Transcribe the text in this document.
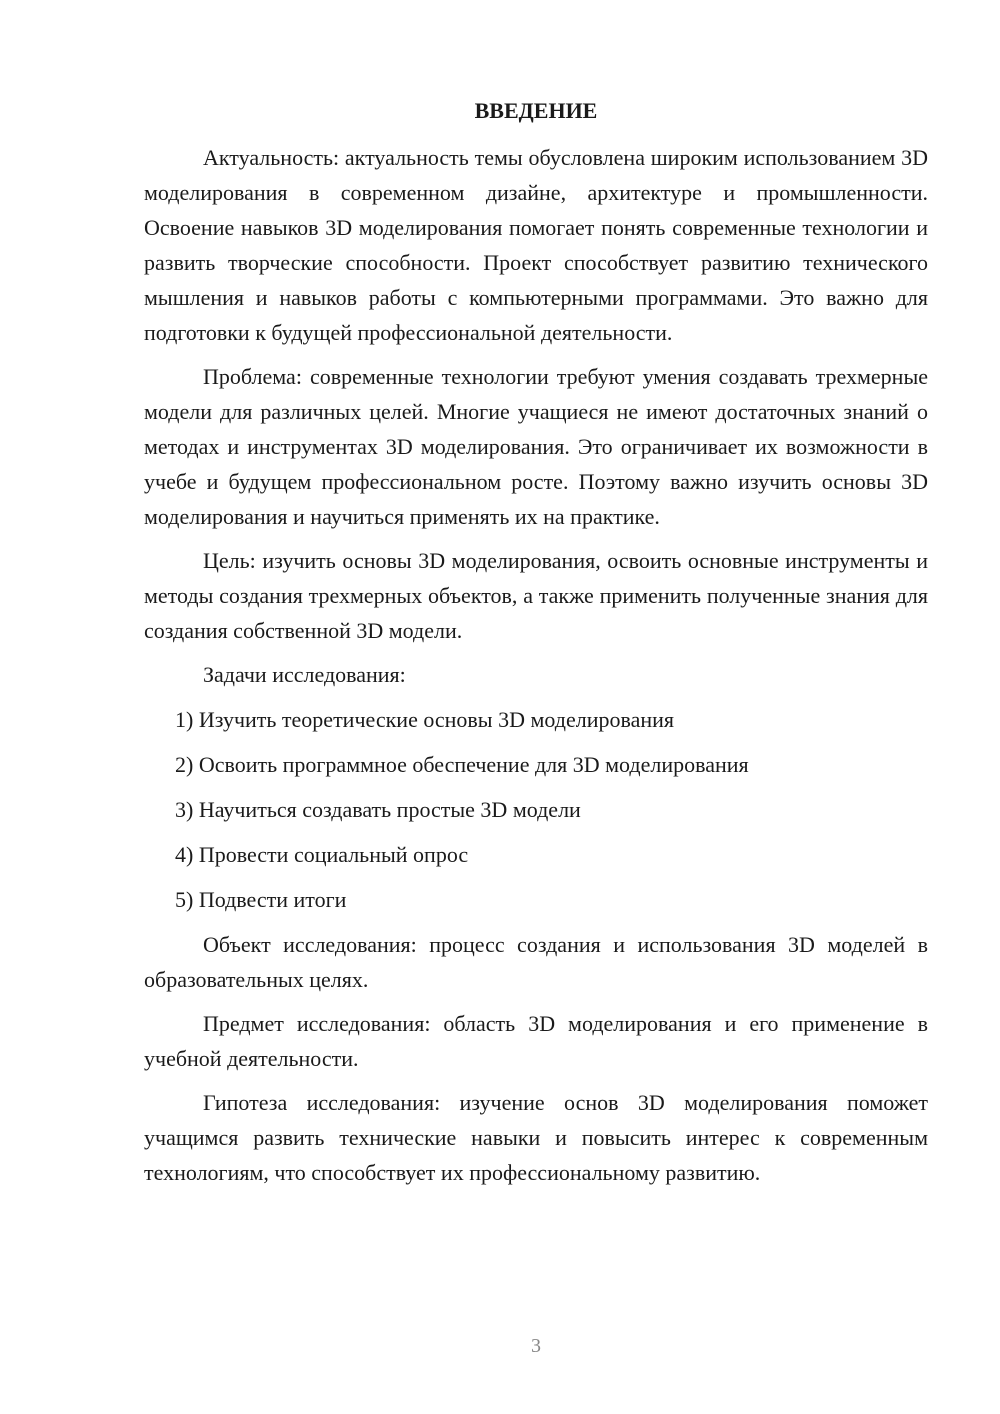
ВВЕДЕНИЕ

Актуальность: актуальность темы обусловлена широким использованием 3D моделирования в современном дизайне, архитектуре и промышленности. Освоение навыков 3D моделирования помогает понять современные технологии и развить творческие способности. Проект способствует развитию технического мышления и навыков работы с компьютерными программами. Это важно для подготовки к будущей профессиональной деятельности.

Проблема: современные технологии требуют умения создавать трехмерные модели для различных целей. Многие учащиеся не имеют достаточных знаний о методах и инструментах 3D моделирования. Это ограничивает их возможности в учебе и будущем профессиональном росте. Поэтому важно изучить основы 3D моделирования и научиться применять их на практике.

Цель: изучить основы 3D моделирования, освоить основные инструменты и методы создания трехмерных объектов, а также применить полученные знания для создания собственной 3D модели.

Задачи исследования:

1) Изучить теоретические основы 3D моделирования
2) Освоить программное обеспечение для 3D моделирования
3) Научиться создавать простые 3D модели
4) Провести социальный опрос
5) Подвести итоги

Объект исследования: процесс создания и использования 3D моделей в образовательных целях.

Предмет исследования: область 3D моделирования и его применение в учебной деятельности.

Гипотеза исследования: изучение основ 3D моделирования поможет учащимся развить технические навыки и повысить интерес к современным технологиям, что способствует их профессиональному развитию.

3
